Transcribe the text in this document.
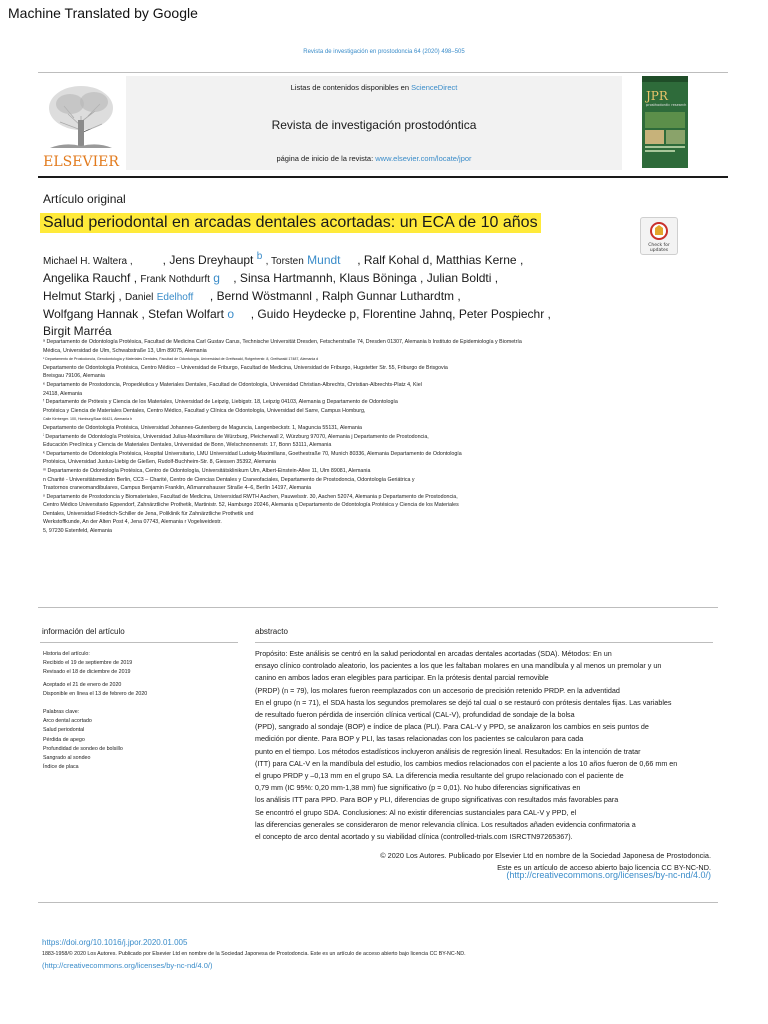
Machine Translated by Google
Revista de investigación en prostodoncia 64 (2020) 498–505
ELSEVIER
Listas de contenidos disponibles en ScienceDirect
Revista de investigación prostodóntica
página de inicio de la revista: www.elsevier.com/locate/jpor
JPR
prosthodontic research
Artículo original
Salud periodontal en arcadas dentales acortadas: un ECA de 10 años
Check for
updates
Michael H. Waltera ,	, Jens Dreyhaupt $^b$ , Torsten Mundt , Ralf Kohal d, Matthias Kerne ,
Angelika Rauchf , Frank Nothdurft g , Sinsa Hartmannh, Klaus Böninga , Julian Boldti ,
Helmut Starkj , Daniel Edelhoff , Bernd Wöstmannl , Ralph Gunnar Luthardtm ,
Wolfgang Hannak , Stefan Wolfart o , Guido Heydecke p, Florentine Jahnq, Peter Pospiechr ,
Birgit Marréa
ᵃ Departamento de Odontología Protésica, Facultad de Medicina Carl Gustav Carus, Technische Universität Dresden, Fetscherstraße 74, Dresden 01307, Alemania b Instituto de Epidemiología y Biometría
Médica, Universidad de Ulm, Schwabstraße 13, Ulm 89075, Alemania
ᶜ Departamento de Prostodoncia, Gerodontología y Materiales Dentales, Facultad de Odontología, Universidad de Greifswald, Rotgerberstr. 8, Greifswald 17487, Alemania d
Departamento de Odontología Protésica, Centro Médico – Universidad de Friburgo, Facultad de Medicina, Universidad de Friburgo, Hugstetter Str. 55, Friburgo de Brisgovia
Breisgau 79106, Alemania
ᵉ Departamento de Prostodoncia, Propedéutica y Materiales Dentales, Facultad de Odontología, Universidad Christian-Albrechts, Christian-Albrechts-Platz 4, Kiel
24118, Alemania
ᶠ Departamento de Prótesis y Ciencia de los Materiales, Universidad de Leipzig, Liebigstr. 18, Leipzig 04103, Alemania g Departamento de Odontología
Protésica y Ciencia de Materiales Dentales, Centro Médico, Facultad y Clínica de Odontología, Universidad del Sarre, Campus Homburg,
Calle Kirrberger. 100, Homburg/Saar 66421, Alemania h
Departamento de Odontología Protésica, Universidad Johannes-Gutenberg de Maguncia, Langenbeckstr. 1, Maguncia 55131, Alemania
ⁱ Departamento de Odontología Protésica, Universidad Julius-Maximilians de Würzburg, Pleicherwall 2, Würzburg 97070, Alemania j Departamento de Prostodoncia,
Educación Preclínica y Ciencia de Materiales Dentales, Universidad de Bonn, Welschnonnenstr. 17, Bonn 53111, Alemania
ᵏ Departamento de Odontología Protésica, Hospital Universitario, LMU Universidad Ludwig-Maximilians, Goethestraße 70, Munich 80336, Alemania Departamento de Odontología
Protésica, Universidad Justus-Liebig de Gießen, Rudolf-Buchheim-Str. 8, Giessen 35392, Alemania
ᵐ Departamento de Odontología Protésica, Centro de Odontología, Universitätsklinikum Ulm, Albert-Einstein-Allee 11, Ulm 89081, Alemania
n Charité - Universitätsmedizin Berlin, CC3 – Charité, Centro de Ciencias Dentales y Craneofaciales, Departamento de Prostodoncia, Odontología Geriátrica y
Trastornos craneomandibulares, Campus Benjamin Franklin, Aßmannshauser Straße 4–6, Berlín 14197, Alemania
ᵒ Departamento de Prostodoncia y Biomateriales, Facultad de Medicina, Universidad RWTH Aachen, Pauwelsstr. 30, Aachen 52074, Alemania p Departamento de Prostodoncia,
Centro Médico Universitario Eppendorf, Zahnärztliche Prothetik, Martinistr. 52, Hamburgo 20246, Alemania q Departamento de Odontología Protésica y Ciencia de los Materiales
Dentales, Universidad Friedrich-Schiller de Jena, Poliklinik für Zahnärztliche Prothetik und
Werkstoffkunde, An der Alten Post 4, Jena 07743, Alemania r Vogelweidestr.
5, 97230 Estenfeld, Alemania
información del artículo	abstracto
Historia del artículo:
Recibido el 19 de septiembre de 2019
Revisado el 18 de diciembre de 2019
Aceptado el 21 de enero de 2020
Disponible en línea el 13 de febrero de 2020
Palabras clave:
Arco dental acortado
Salud periodontal
Pérdida de apego
Profundidad de sondeo de bolsillo
Sangrado al sondeo
Índice de placa
Propósito: Este análisis se centró en la salud periodontal en arcadas dentales acortadas (SDA). Métodos: En un
ensayo clínico controlado aleatorio, los pacientes a los que les faltaban molares en una mandíbula y al menos un premolar y un
canino en ambos lados eran elegibles para participar. En la prótesis dental parcial removible
(PRDP) (n = 79), los molares fueron reemplazados con un accesorio de precisión retenido PRDP. en la adventidad
En el grupo (n = 71), el SDA hasta los segundos premolares se dejó tal cual o se restauró con prótesis dentales fijas. Las variables
de resultado fueron pérdida de inserción clínica vertical (CAL-V), profundidad de sondaje de la bolsa
(PPD), sangrado al sondaje (BOP) e índice de placa (PLI). Para CAL-V y PPD, se analizaron los cambios en seis puntos de
medición por diente. Para BOP y PLI, las tasas relacionadas con los pacientes se calcularon para cada
punto en el tiempo. Los métodos estadísticos incluyeron análisis de regresión lineal. Resultados: En la intención de tratar
(ITT) para CAL-V en la mandíbula del estudio, los cambios medios relacionados con el paciente a los 10 años fueron de 0,66 mm en
el grupo PRDP y –0,13 mm en el grupo SA. La diferencia media resultante del grupo relacionado con el paciente de
0,79 mm (IC 95%: 0,20 mm-1,38 mm) fue significativo (p = 0,01). No hubo diferencias significativas en
los análisis ITT para PPD. Para BOP y PLI, diferencias de grupo significativas con resultados más favorables para
Se encontró el grupo SDA. Conclusiones: Al no existir diferencias sustanciales para CAL-V y PPD, el
las diferencias generales se consideraron de menor relevancia clínica. Los resultados añaden evidencia confirmatoria a
el concepto de arco dental acortado y su viabilidad clínica (controlled-trials.com ISRCTN97265367).
© 2020 Los Autores. Publicado por Elsevier Ltd en nombre de la Sociedad Japonesa de Prostodoncia.
Este es un artículo de acceso abierto bajo licencia CC BY-NC-ND.
(http://creativecommons.org/licenses/by-nc-nd/4.0/)
https://doi.org/10.1016/j.jpor.2020.01.005
1883-1958/© 2020 Los Autores. Publicado por Elsevier Ltd en nombre de la Sociedad Japonesa de Prostodoncia. Este es un artículo de acceso abierto bajo licencia CC BY-NC-ND.
(http://creativecommons.org/licenses/by-nc-nd/4.0/)
